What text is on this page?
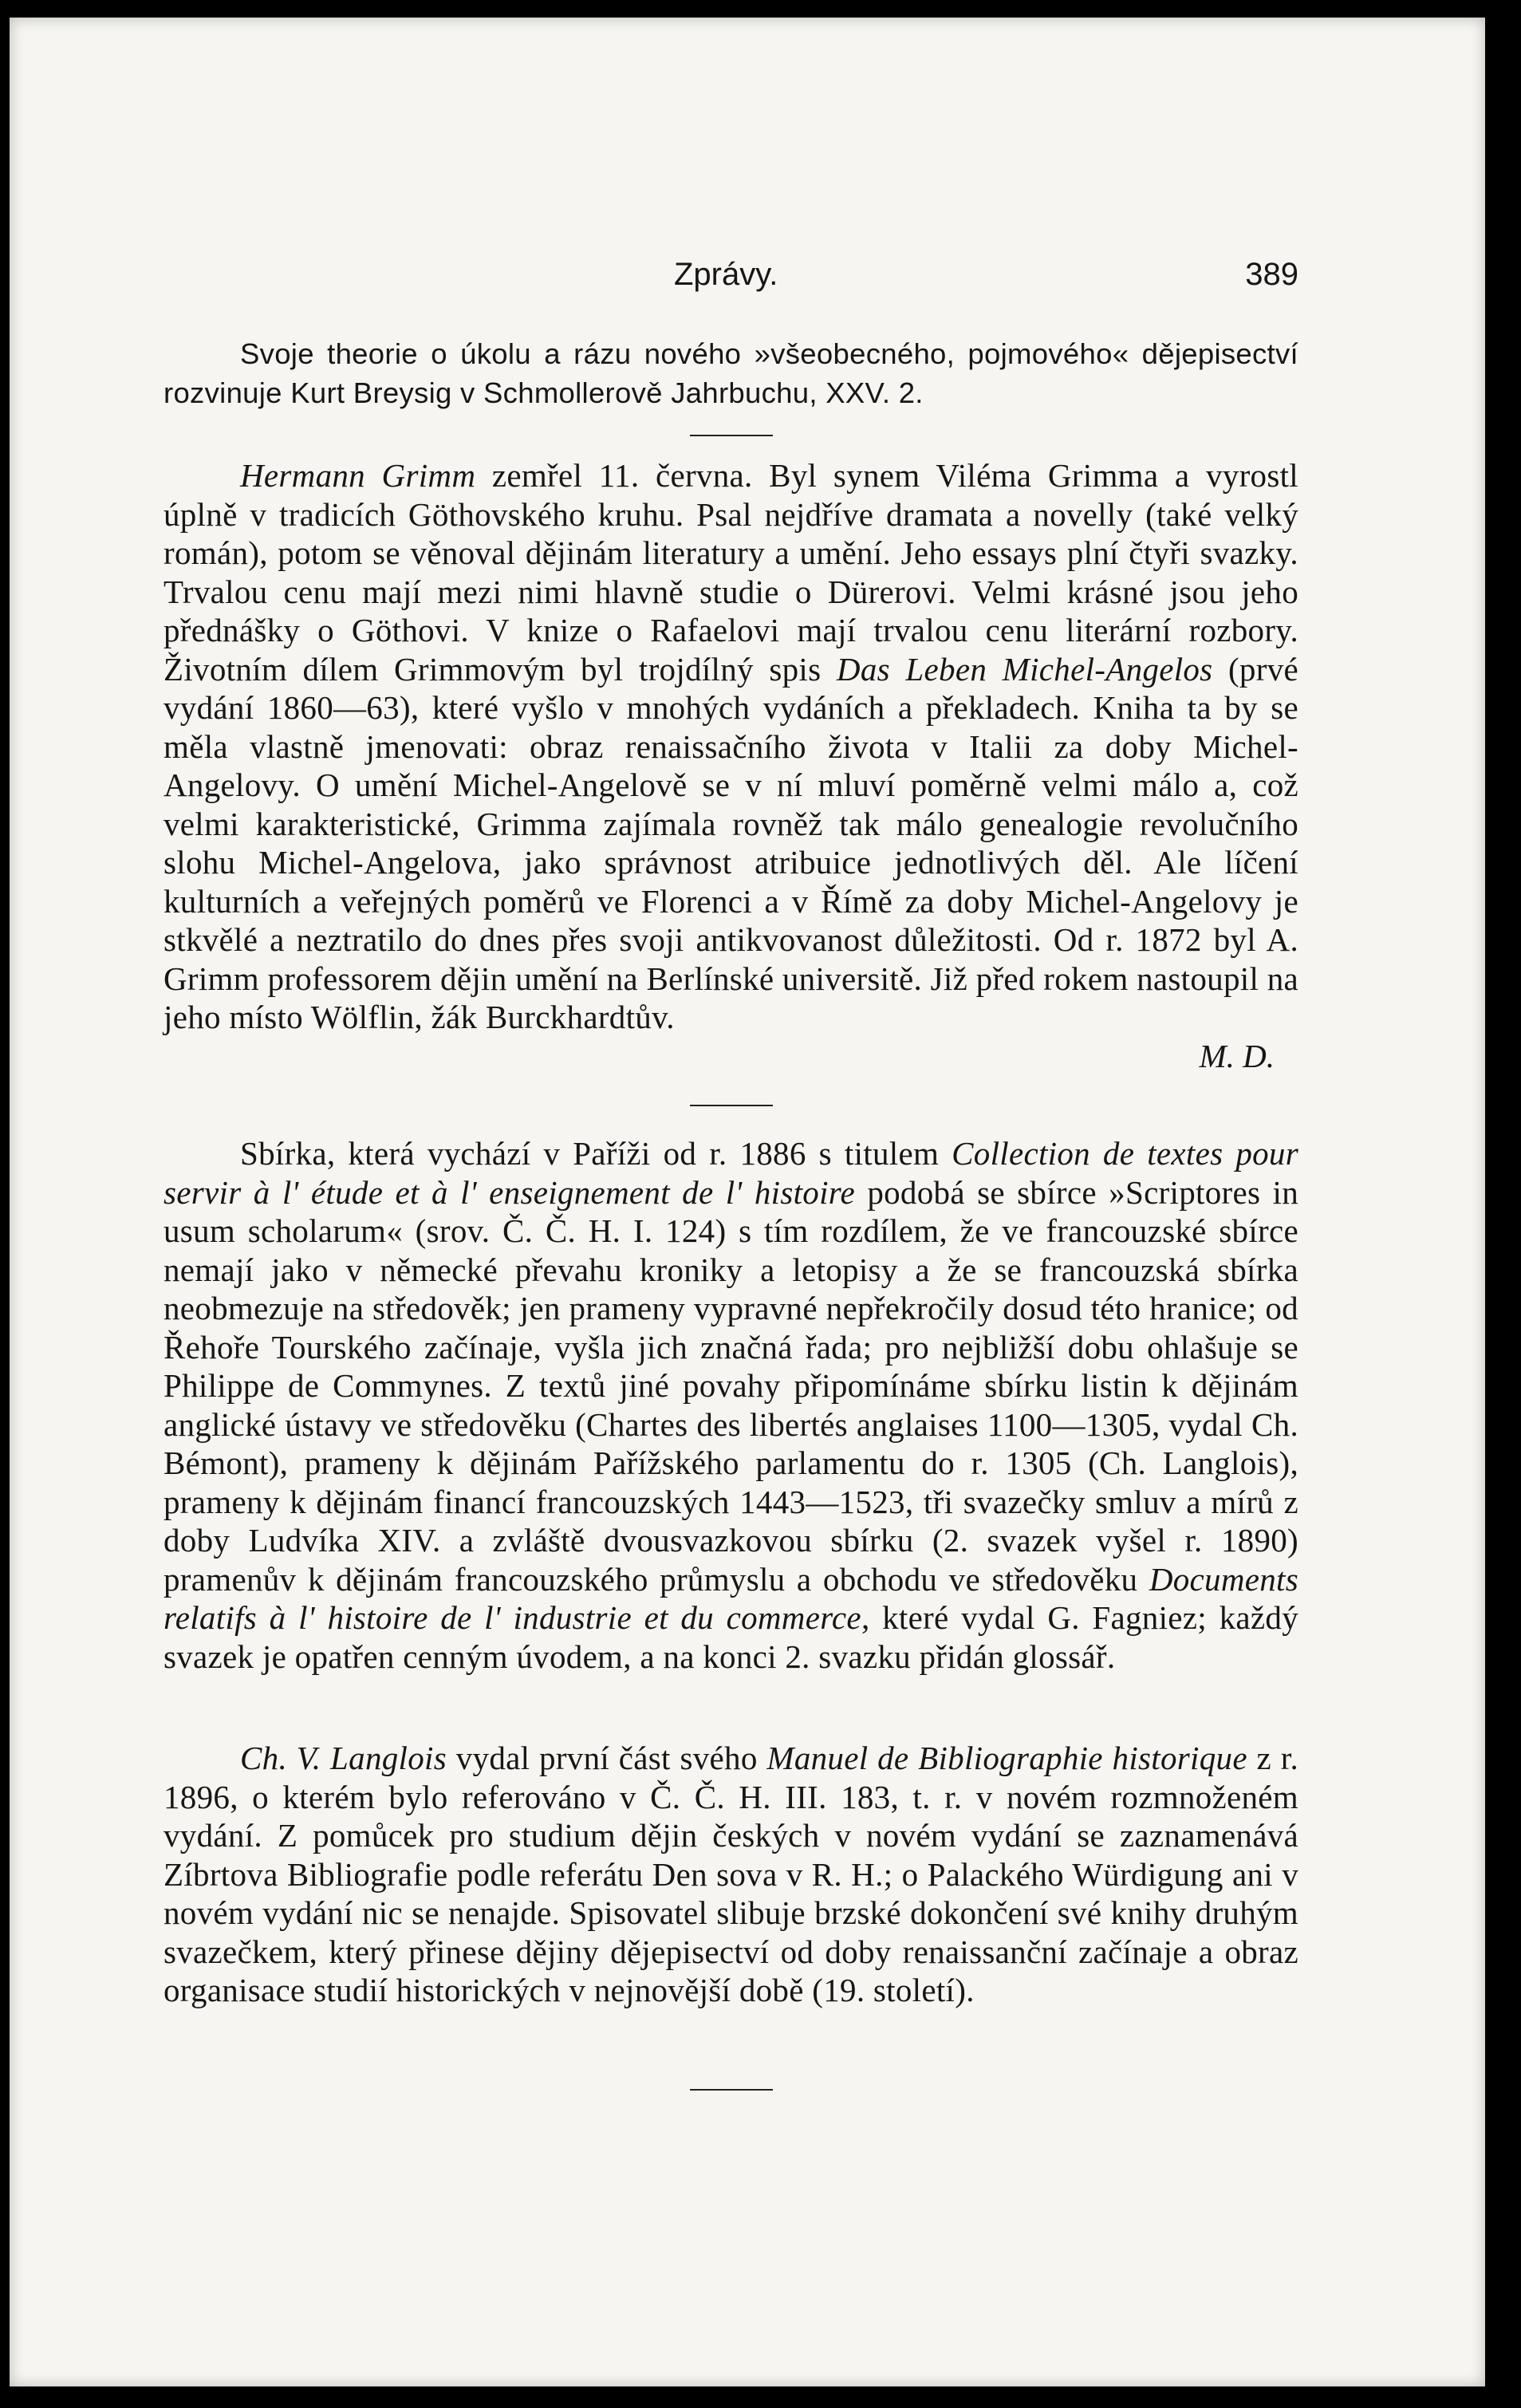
Zprávy.	389

Svoje theorie o úkolu a rázu nového »všeobecného, pojmového« dějepisectví rozvinuje Kurt Breysig v Schmollerově Jahrbuchu, XXV. 2.

Hermann Grimm zemřel 11. června. Byl synem Viléma Grimma a vyrostl úplně v tradicích Göthovského kruhu. Psal nejdříve dramata a novelly (také velký román), potom se věnoval dějinám literatury a umění. Jeho essays plní čtyři svazky. Trvalou cenu mají mezi nimi hlavně studie o Dürerovi. Velmi krásné jsou jeho přednášky o Göthovi. V knize o Rafaelovi mají trvalou cenu literární rozbory. Životním dílem Grimmovým byl trojdílný spis Das Leben Michel-Angelos (prvé vydání 1860—63), které vyšlo v mnohých vydáních a překladech. Kniha ta by se měla vlastně jmenovati: obraz renaissačního života v Italii za doby Michel-Angelovy. O umění Michel-Angelově se v ní mluví poměrně velmi málo a, což velmi karakteristické, Grimma zajímala rovněž tak málo genealogie revolučního slohu Michel-Angelova, jako správnost atribuice jednotlivých děl. Ale líčení kulturních a veřejných poměrů ve Florenci a v Římě za doby Michel-Angelovy je stkvělé a neztratilo do dnes přes svoji antikvovanost důležitosti. Od r. 1872 byl A. Grimm professorem dějin umění na Berlínské universitě. Již před rokem nastoupil na jeho místo Wölflin, žák Burckhardtův.

M. D.

Sbírka, která vychází v Paříži od r. 1886 s titulem Collection de textes pour servir à l' étude et à l' enseignement de l' histoire podobá se sbírce »Scriptores in usum scholarum« (srov. Č. Č. H. I. 124) s tím rozdílem, že ve francouzské sbírce nemají jako v německé převahu kroniky a letopisy a že se francouzská sbírka neobmezuje na středověk; jen prameny vypravné nepřekročily dosud této hranice; od Řehoře Tourského začínaje, vyšla jich značná řada; pro nejbližší dobu ohlašuje se Philippe de Commynes. Z textů jiné povahy připomínáme sbírku listin k dějinám anglické ústavy ve středověku (Chartes des libertés anglaises 1100—1305, vydal Ch. Bémont), prameny k dějinám Pařížského parlamentu do r. 1305 (Ch. Langlois), prameny k dějinám financí francouzských 1443—1523, tři svazečky smluv a mírů z doby Ludvíka XIV. a zvláště dvousvazkovou sbírku (2. svazek vyšel r. 1890) pramenův k dějinám francouzského průmyslu a obchodu ve středověku Documents relatifs à l' histoire de l' industrie et du commerce, které vydal G. Fagniez; každý svazek je opatřen cenným úvodem, a na konci 2. svazku přidán glossář.

Ch. V. Langlois vydal první část svého Manuel de Bibliographie historique z r. 1896, o kterém bylo referováno v Č. Č. H. III. 183, t. r. v novém rozmnoženém vydání. Z pomůcek pro studium dějin českých v novém vydání se zaznamenává Zíbrtova Bibliografie podle referátu Den sova v R. H.; o Palackého Würdigung ani v novém vydání nic se nenajde. Spisovatel slibuje brzské dokončení své knihy druhým svazečkem, který přinese dějiny dějepisectví od doby renaissanční začínaje a obraz organisace studií historických v nejnovější době (19. století).
